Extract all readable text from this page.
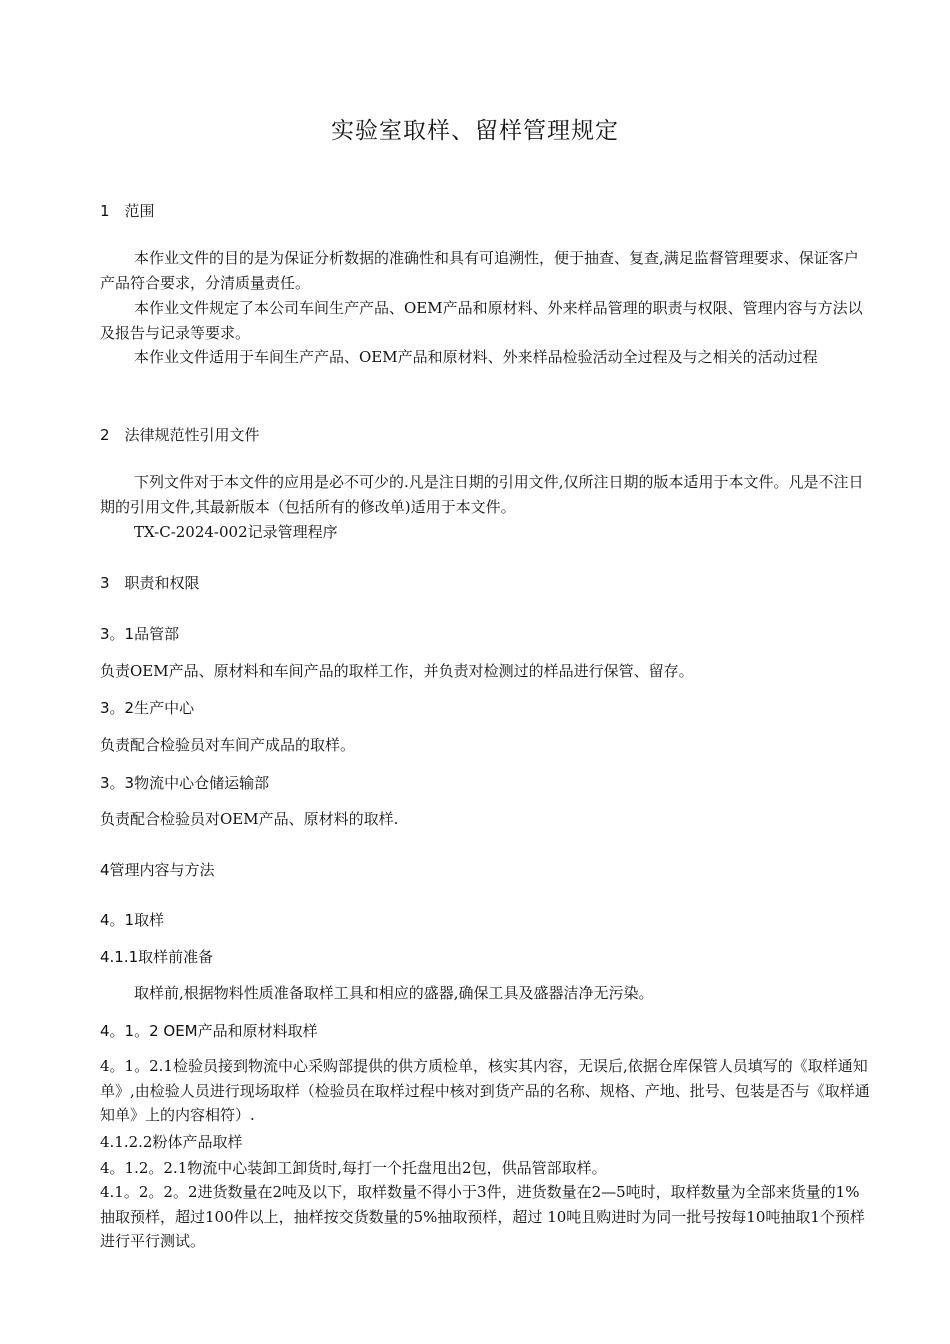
实验室取样、留样管理规定
1　范围

本作业文件的目的是为保证分析数据的准确性和具有可追溯性，便于抽查、复查,满足监督管理要求、保证客户产品符合要求，分清质量责任。

本作业文件规定了本公司车间生产产品、OEM产品和原材料、外来样品管理的职责与权限、管理内容与方法以及报告与记录等要求。

本作业文件适用于车间生产产品、OEM产品和原材料、外来样品检验活动全过程及与之相关的活动过程

2　法律规范性引用文件

下列文件对于本文件的应用是必不可少的.凡是注日期的引用文件,仅所注日期的版本适用于本文件。凡是不注日期的引用文件,其最新版本（包括所有的修改单)适用于本文件。

TX-C-2024-002记录管理程序

3　职责和权限
3。1品管部
负责OEM产品、原材料和车间产品的取样工作，并负责对检测过的样品进行保管、留存。
3。2生产中心
负责配合检验员对车间产成品的取样。
3。3物流中心仓储运输部
负责配合检验员对OEM产品、原材料的取样.
4管理内容与方法
4。1取样
4.1.1取样前准备

取样前,根据物料性质准备取样工具和相应的盛器,确保工具及盛器洁净无污染。

4。1。2 OEM产品和原材料取样

4。1。2.1检验员接到物流中心采购部提供的供方质检单，核实其内容，无误后,依据仓库保管人员填写的《取样通知单》,由检验人员进行现场取样（检验员在取样过程中核对到货产品的名称、规格、产地、批号、包装是否与《取样通知单》上的内容相符）.

4.1.2.2粉体产品取样
4。1.2。2.1物流中心装卸工卸货时,每打一个托盘甩出2包，供品管部取样。

4.1。2。2。2进货数量在2吨及以下，取样数量不得小于3件，进货数量在2—5吨时，取样数量为全部来货量的1%抽取预样，超过100件以上，抽样按交货数量的5%抽取预样，超过 10吨且购进时为同一批号按每10吨抽取1个预样进行平行测试。
